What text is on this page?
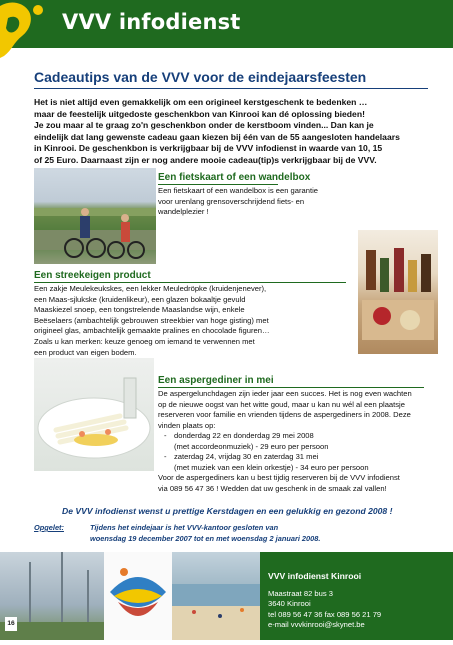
VVV infodienst
Cadeautips van de VVV voor de eindejaarsfeesten
Het is niet altijd even gemakkelijk om een origineel kerstgeschenk te bedenken …
maar de feestelijk uitgedoste geschenkbon van Kinrooi kan dé oplossing bieden!
Je zou maar al te graag zo'n geschenkbon onder de kerstboom vinden... Dan kan je
eindelijk dat lang gewenste cadeau gaan kiezen bij één van de 55 aangesloten handelaars
in Kinrooi. De geschenkbon is verkrijgbaar bij de VVV infodienst in waarde van 10, 15
of 25 Euro. Daarnaast zijn er nog andere mooie cadeau(tip)s verkrijgbaar bij de VVV.
Een fietskaart of een wandelbox
Een fietskaart of een wandelbox is een garantie
voor urenlang grensoverschrijdend fiets- en
wandelplezier !
Een streekeigen product
Een zakje Meulekeukskes, een lekker Meuledröpke (kruidenjenever),
een Maas-sjlukske (kruidenlikeur), een glazen bokaaltje gevuld
Maaskiezel snoep, een tongstrelende Maaslandse wijn, enkele
Beëselaers (ambachtelijk gebrouwen streekbier van hoge gisting) met
origineel glas, ambachtelijk gemaakte pralines en chocolade figuren…
Zoals u kan merken: keuze genoeg om iemand te verwennen met
een product van eigen bodem.
Een aspergediner in mei
De aspergelunchdagen zijn ieder jaar een succes. Het is nog even wachten
op de nieuwe oogst van het witte goud, maar u kan nu wél al een plaatsje
reserveren voor familie en vrienden tijdens de aspergediners in 2008. Deze
vinden plaats op:
- donderdag 22 en donderdag 29 mei 2008
(met accordeonmuziek) - 29 euro per persoon
- zaterdag 24, vrijdag 30 en zaterdag 31 mei
(met muziek van een klein orkestje) - 34 euro per persoon
Voor de aspergediners kan u best tijdig reserveren bij de VVV infodienst
via 089 56 47 36 ! Wedden dat uw geschenk in de smaak zal vallen!
De VVV infodienst wenst u prettige Kerstdagen en een gelukkig en gezond 2008 !
Opgelet:	Tijdens het eindejaar is het VVV-kantoor gesloten van
woensdag 19 december 2007 tot en met woensdag 2 januari 2008.
VVV infodienst Kinrooi
Maastraat 82 bus 3
3640 Kinrooi
tel 089 56 47 36 fax 089 56 21 79
e-mail vvvkinrooi@skynet.be
16
